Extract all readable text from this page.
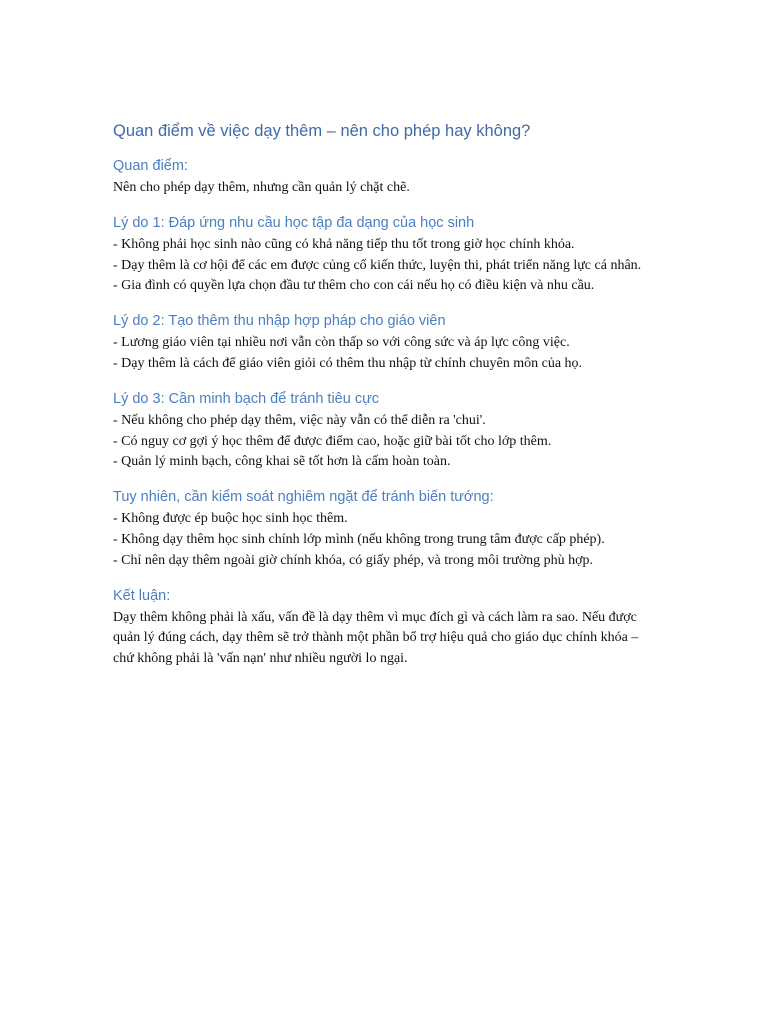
Quan điểm về việc dạy thêm – nên cho phép hay không?
Quan điểm:

Nên cho phép dạy thêm, nhưng cần quản lý chặt chẽ.

Lý do 1: Đáp ứng nhu cầu học tập đa dạng của học sinh

- Không phải học sinh nào cũng có khả năng tiếp thu tốt trong giờ học chính khóa.

- Dạy thêm là cơ hội để các em được củng cố kiến thức, luyện thi, phát triển năng lực cá nhân.

- Gia đình có quyền lựa chọn đầu tư thêm cho con cái nếu họ có điều kiện và nhu cầu.

Lý do 2: Tạo thêm thu nhập hợp pháp cho giáo viên

- Lương giáo viên tại nhiều nơi vẫn còn thấp so với công sức và áp lực công việc.

- Dạy thêm là cách để giáo viên giỏi có thêm thu nhập từ chính chuyên môn của họ.

Lý do 3: Cần minh bạch để tránh tiêu cực

- Nếu không cho phép dạy thêm, việc này vẫn có thể diễn ra 'chui'.

- Có nguy cơ gợi ý học thêm để được điểm cao, hoặc giữ bài tốt cho lớp thêm.

- Quản lý minh bạch, công khai sẽ tốt hơn là cấm hoàn toàn.

Tuy nhiên, cần kiểm soát nghiêm ngặt để tránh biến tướng:

- Không được ép buộc học sinh học thêm.

- Không dạy thêm học sinh chính lớp mình (nếu không trong trung tâm được cấp phép).

- Chỉ nên dạy thêm ngoài giờ chính khóa, có giấy phép, và trong môi trường phù hợp.

Kết luận:

Dạy thêm không phải là xấu, vấn đề là dạy thêm vì mục đích gì và cách làm ra sao. Nếu được quản lý đúng cách, dạy thêm sẽ trở thành một phần bổ trợ hiệu quả cho giáo dục chính khóa – chứ không phải là 'vấn nạn' như nhiều người lo ngại.
